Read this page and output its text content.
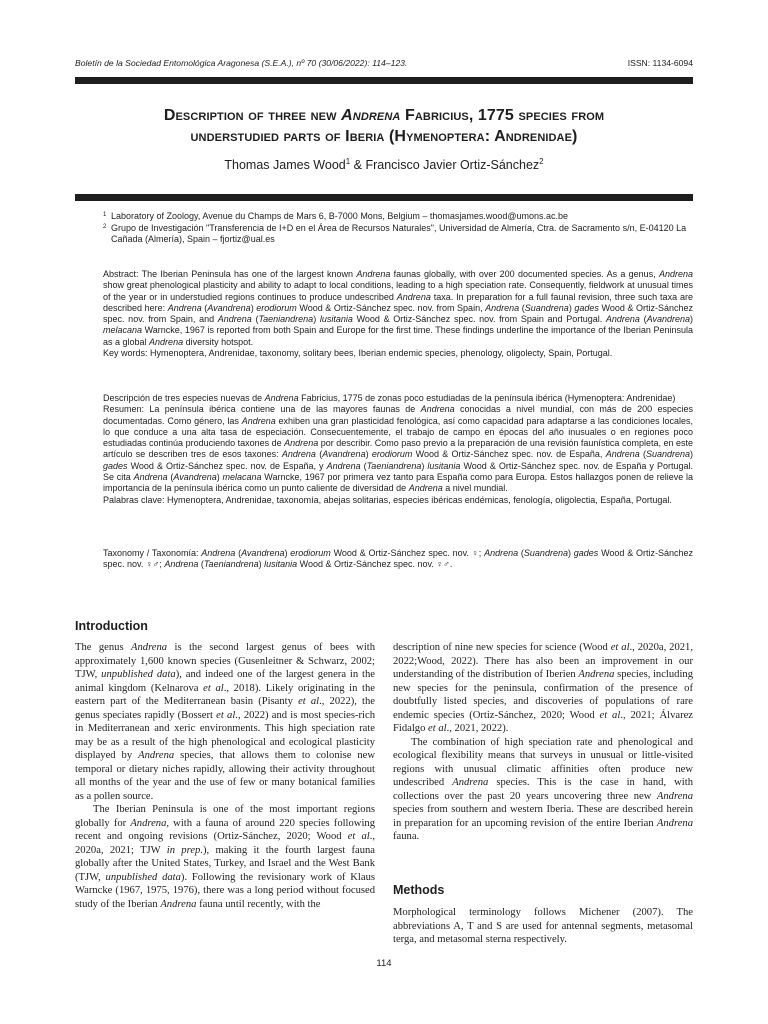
Boletín de la Sociedad Entomológica Aragonesa (S.E.A.), nº 70 (30/06/2022): 114–123.	ISSN: 1134-6094
Description of three new Andrena Fabricius, 1775 species from
understudied parts of Iberia (Hymenoptera: Andrenidae)
Thomas James Wood$^1$ & Francisco Javier Ortiz-Sánchez$^2$
1 Laboratory of Zoology, Avenue du Champs de Mars 6, B-7000 Mons, Belgium – thomasjames.wood@umons.ac.be
2 Grupo de Investigación "Transferencia de I+D en el Área de Recursos Naturales", Universidad de Almería, Ctra. de Sacramento s/n, E-04120 La Cañada (Almería), Spain – fjortiz@ual.es

Abstract: The Iberian Peninsula has one of the largest known Andrena faunas globally, with over 200 documented species. As a genus, Andrena show great phenological plasticity and ability to adapt to local conditions, leading to a high speciation rate. Consequently, fieldwork at unusual times of the year or in understudied regions continues to produce undescribed Andrena taxa. In preparation for a full faunal revision, three such taxa are described here: Andrena (Avandrena) erodiorum Wood & Ortiz-Sánchez spec. nov. from Spain, Andrena (Suandrena) gades Wood & Ortiz-Sánchez spec. nov. from Spain, and Andrena (Taeniandrena) lusitania Wood & Ortiz-Sánchez spec. nov. from Spain and Portugal. Andrena (Avandrena) melacana Warncke, 1967 is reported from both Spain and Europe for the first time. These findings underline the importance of the Iberian Peninsula as a global Andrena diversity hotspot.

Key words: Hymenoptera, Andrenidae, taxonomy, solitary bees, Iberian endemic species, phenology, oligolecty, Spain, Portugal.

Descripción de tres especies nuevas de Andrena Fabricius, 1775 de zonas poco estudiadas de la península ibérica (Hymenoptera: Andrenidae)

Resumen: La península ibérica contiene una de las mayores faunas de Andrena conocidas a nivel mundial, con más de 200 especies documentadas. Como género, las Andrena exhiben una gran plasticidad fenológica, así como capacidad para adaptarse a las condiciones locales, lo que conduce a una alta tasa de especiación. Consecuentemente, el trabajo de campo en épocas del año inusuales o en regiones poco estudiadas continúa produciendo taxones de Andrena por describir. Como paso previo a la preparación de una revisión faunística completa, en este artículo se describen tres de esos taxones: Andrena (Avandrena) erodiorum Wood & Ortiz-Sánchez spec. nov. de España, Andrena (Suandrena) gades Wood & Ortiz-Sánchez spec. nov. de España, y Andrena (Taeniandrena) lusitania Wood & Ortiz-Sánchez spec. nov. de España y Portugal. Se cita Andrena (Avandrena) melacana Warncke, 1967 por primera vez tanto para España como para Europa. Estos hallazgos ponen de relieve la importancia de la península ibérica como un punto caliente de diversidad de Andrena a nivel mundial.

Palabras clave: Hymenoptera, Andrenidae, taxonomía, abejas solitarias, especies ibéricas endémicas, fenología, oligolectia, España, Portugal.

Taxonomy / Taxonomía: Andrena (Avandrena) erodiorum Wood & Ortiz-Sánchez spec. nov. ♀; Andrena (Suandrena) gades Wood & Ortiz-Sánchez spec. nov. ♀♂; Andrena (Taeniandrena) lusitania Wood & Ortiz-Sánchez spec. nov. ♀♂.

Introduction

The genus Andrena is the second largest genus of bees with approximately 1,600 known species (Gusenleitner & Schwarz, 2002; TJW, unpublished data), and indeed one of the largest genera in the animal kingdom (Kelnarova et al., 2018). Likely originating in the eastern part of the Mediterranean basin (Pisanty et al., 2022), the genus speciates rapidly (Bossert et al., 2022) and is most species-rich in Mediterranean and xeric environments. This high speciation rate may be as a result of the high phenological and ecological plasticity displayed by Andrena species, that allows them to colonise new temporal or dietary niches rapidly, allowing their activity throughout all months of the year and the use of few or many botanical families as a pollen source.

The Iberian Peninsula is one of the most important regions globally for Andrena, with a fauna of around 220 species following recent and ongoing revisions (Ortiz-Sánchez, 2020; Wood et al., 2020a, 2021; TJW in prep.), making it the fourth largest fauna globally after the United States, Turkey, and Israel and the West Bank (TJW, unpublished data). Following the revisionary work of Klaus Warncke (1967, 1975, 1976), there was a long period without focused study of the Iberian Andrena fauna until recently, with the

description of nine new species for science (Wood et al., 2020a, 2021, 2022;Wood, 2022). There has also been an improvement in our understanding of the distribution of Iberien Andrena species, including new species for the peninsula, confirmation of the presence of doubtfully listed species, and discoveries of populations of rare endemic species (Ortiz-Sánchez, 2020; Wood et al., 2021; Álvarez Fidalgo et al., 2021, 2022).

The combination of high speciation rate and phenological and ecological flexibility means that surveys in unusual or little-visited regions with unusual climatic affinities often produce new undescribed Andrena species. This is the case in hand, with collections over the past 20 years uncovering three new Andrena species from southern and western Iberia. These are described herein in preparation for an upcoming revision of the entire Iberian Andrena fauna.

Methods

Morphological terminology follows Michener (2007). The abbreviations A, T and S are used for antennal segments, metasomal terga, and metasomal sterna respectively.

114
